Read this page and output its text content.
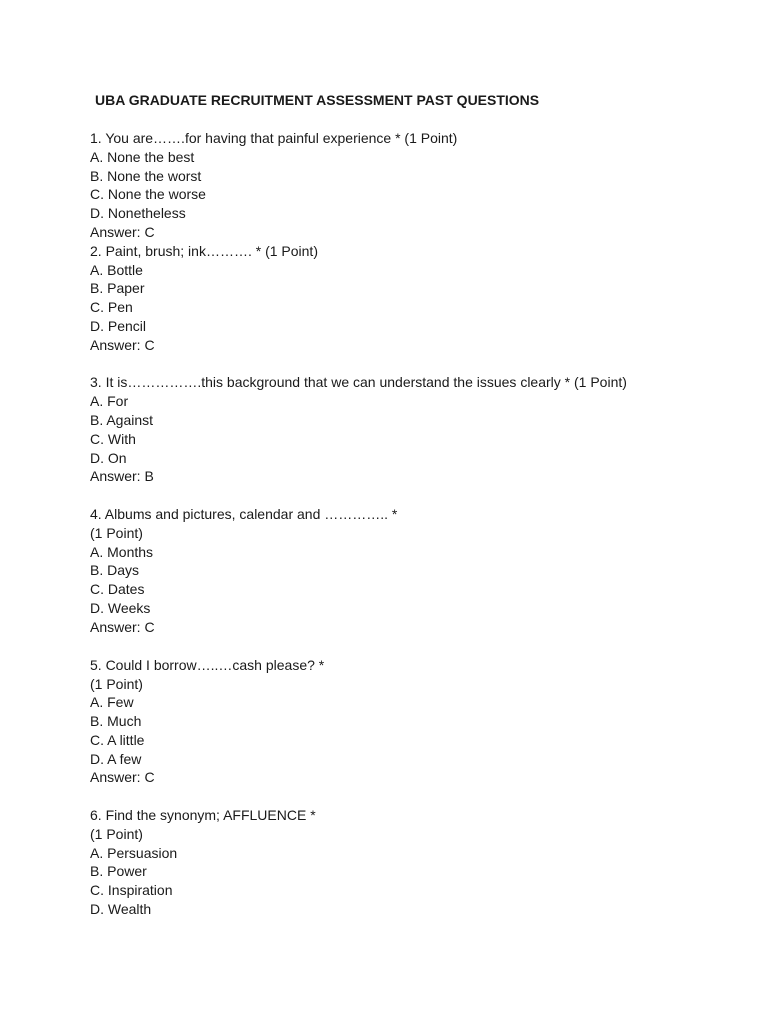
UBA GRADUATE RECRUITMENT ASSESSMENT PAST QUESTIONS
1. You are…….for having that painful experience * (1 Point)
A. None the best
B. None the worst
C. None the worse
D. Nonetheless
Answer: C
2. Paint, brush; ink………. * (1 Point)
A. Bottle
B. Paper
C. Pen
D. Pencil
Answer: C
3. It is…………….this background that we can understand the issues clearly * (1 Point)
A. For
B. Against
C. With
D. On
Answer: B
4. Albums and pictures, calendar and ………….. *
(1 Point)
A. Months
B. Days
C. Dates
D. Weeks
Answer: C
5. Could I borrow…..…cash please? *
(1 Point)
A. Few
B. Much
C. A little
D. A few
Answer: C
6. Find the synonym; AFFLUENCE *
(1 Point)
A. Persuasion
B. Power
C. Inspiration
D. Wealth
